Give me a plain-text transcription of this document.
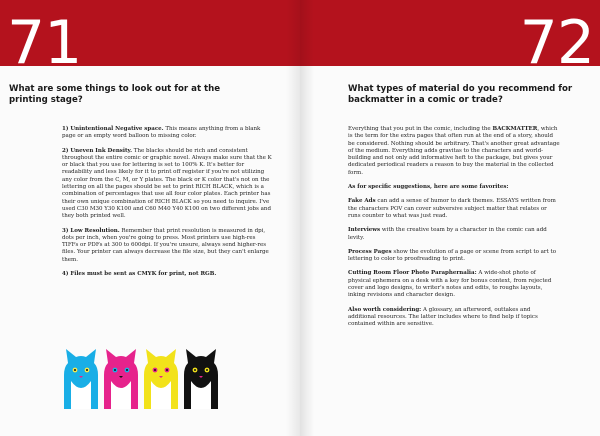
71
What are some things to look out for at the printing stage?

1) Unintentional Negative space. This means anything from a blank page or an empty word balloon to missing color.

2) Uneven Ink Density. The blacks should be rich and consistent throughout the entire comic or graphic novel. Always make sure that the K or black that you use for lettering is set to 100% K. It's better for readability and less likely for it to print off register if you're not utilizing any color from the C, M, or Y plates. The black or K color that's not on the lettering on all the pages should be set to print RICH BLACK, which is a combination of percentages that use all four color plates. Each printer has their own unique combination of RICH BLACK so you need to inquire. I've used C30 M30 Y30 K100 and C60 M40 Y40 K100 on two different jobs and they both printed well.

3) Low Resolution. Remember that print resolution is measured in dpi, dots per inch, when you're going to press. Most printers use high-res TIFFs or PDFs at 300 to 600dpi. If you're unsure, always send higher-res files. Your printer can always decrease the file size, but they can't enlarge them.

4) Files must be sent as CMYK for print, not RGB.

72
What types of material do you recommend for backmatter in a comic or trade?

Everything that you put in the comic, including the BACKMATTER, which is the term for the extra pages that often run at the end of a story, should be considered. Nothing should be arbitrary. That's another great advantage of the medium. Everything adds gravitas to the characters and world-building and not only add informative heft to the package, but gives your dedicated periodical readers a reason to buy the material in the collected form.

As for specific suggestions, here are some favorites:

Fake Ads can add a sense of humor to dark themes. ESSAYS written from the characters POV can cover subversive subject matter that relates or runs counter to what was just read.

Interviews with the creative team by a character in the comic can add levity.

Process Pages show the evolution of a page or scene from script to art to lettering to color to proofreading to print.

Cutting Room Floor Photo Paraphernalia: A wide-shot photo of physical ephemera on a desk with a key for bonus context, from rejected cover and logo designs, to writer's notes and edits, to roughs layouts, inking revisions and character design.

Also worth considering: A glossary, an afterword, outtakes and additional resources. The latter includes where to find help if topics contained within are sensitive.
